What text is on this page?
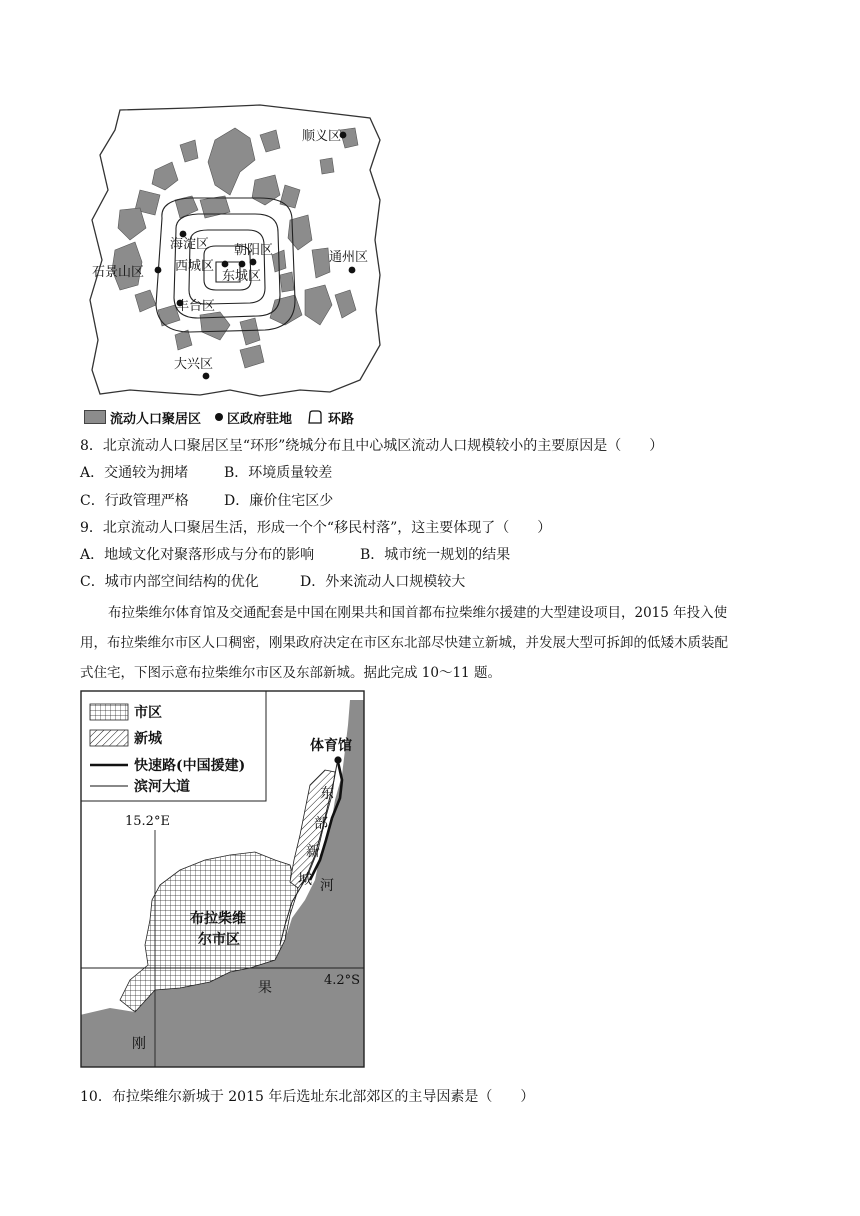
顺义区
海淀区 朝阳区
西城区
东城区
通州区
石景山区
丰台区
大兴区
流动人口聚居区 区政府驻地	环路
8．北京流动人口聚居区呈“环形”绕城分布且中心城区流动人口规模较小的主要原因是（　　）
A．交通较为拥堵	B．环境质量较差
C．行政管理严格	D．廉价住宅区少
9．北京流动人口聚居生活，形成一个个“移民村落”，这主要体现了（　　）
A．地域文化对聚落形成与分布的影响	B．城市统一规划的结果
C．城市内部空间结构的优化	D．外来流动人口规模较大
布拉柴维尔体育馆及交通配套是中国在刚果共和国首都布拉柴维尔援建的大型建设项目，2015 年投入使
用，布拉柴维尔市区人口稠密，刚果政府决定在市区东北部尽快建立新城，并发展大型可拆卸的低矮木质装配
式住宅，下图示意布拉柴维尔市区及东部新城。据此完成 10～11 题。
市区
新城
快速路(中国援建)
滨河大道
体育馆
15.2°E
4.2°S
布拉柴维
尔市区
东
部
新
城 河
果
刚
10．布拉柴维尔新城于 2015 年后选址东北部郊区的主导因素是（　　）
